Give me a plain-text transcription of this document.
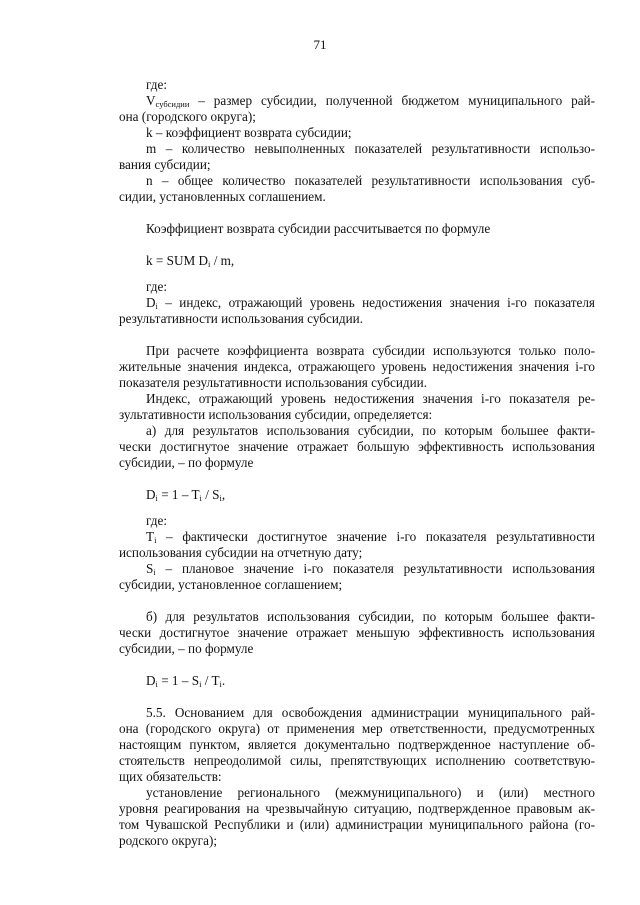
71
где:
$V_{субсидии}$ – размер субсидии, полученной бюджетом муниципального рай-
она (городского округа);
k – коэффициент возврата субсидии;
m – количество невыполненных показателей результативности использо-
вания субсидии;
n – общее количество показателей результативности использования суб-
сидии, установленных соглашением.
Коэффициент возврата субсидии рассчитывается по формуле
k = SUM $D_i$ / m,
где:
$D_i$ – индекс, отражающий уровень недостижения значения i-го показателя
результативности использования субсидии.
При расчете коэффициента возврата субсидии используются только поло-
жительные значения индекса, отражающего уровень недостижения значения i-го
показателя результативности использования субсидии.
Индекс, отражающий уровень недостижения значения i-го показателя ре-
зультативности использования субсидии, определяется:
а) для результатов использования субсидии, по которым большее факти-
чески достигнутое значение отражает большую эффективность использования
субсидии, – по формуле
$D_i = 1 - T_i / S_i$,
где:
$T_i$ – фактически достигнутое значение i-го показателя результативности
использования субсидии на отчетную дату;
$S_i$ – плановое значение i-го показателя результативности использования
субсидии, установленное соглашением;
б) для результатов использования субсидии, по которым большее факти-
чески достигнутое значение отражает меньшую эффективность использования
субсидии, – по формуле
$D_i = 1 - S_i / T_i$.
5.5. Основанием для освобождения администрации муниципального рай-
она (городского округа) от применения мер ответственности, предусмотренных
настоящим пунктом, является документально подтвержденное наступление об-
стоятельств непреодолимой силы, препятствующих исполнению соответствую-
щих обязательств:
установление регионального (межмуниципального) и (или) местного
уровня реагирования на чрезвычайную ситуацию, подтвержденное правовым ак-
том Чувашской Республики и (или) администрации муниципального района (го-
родского округа);
